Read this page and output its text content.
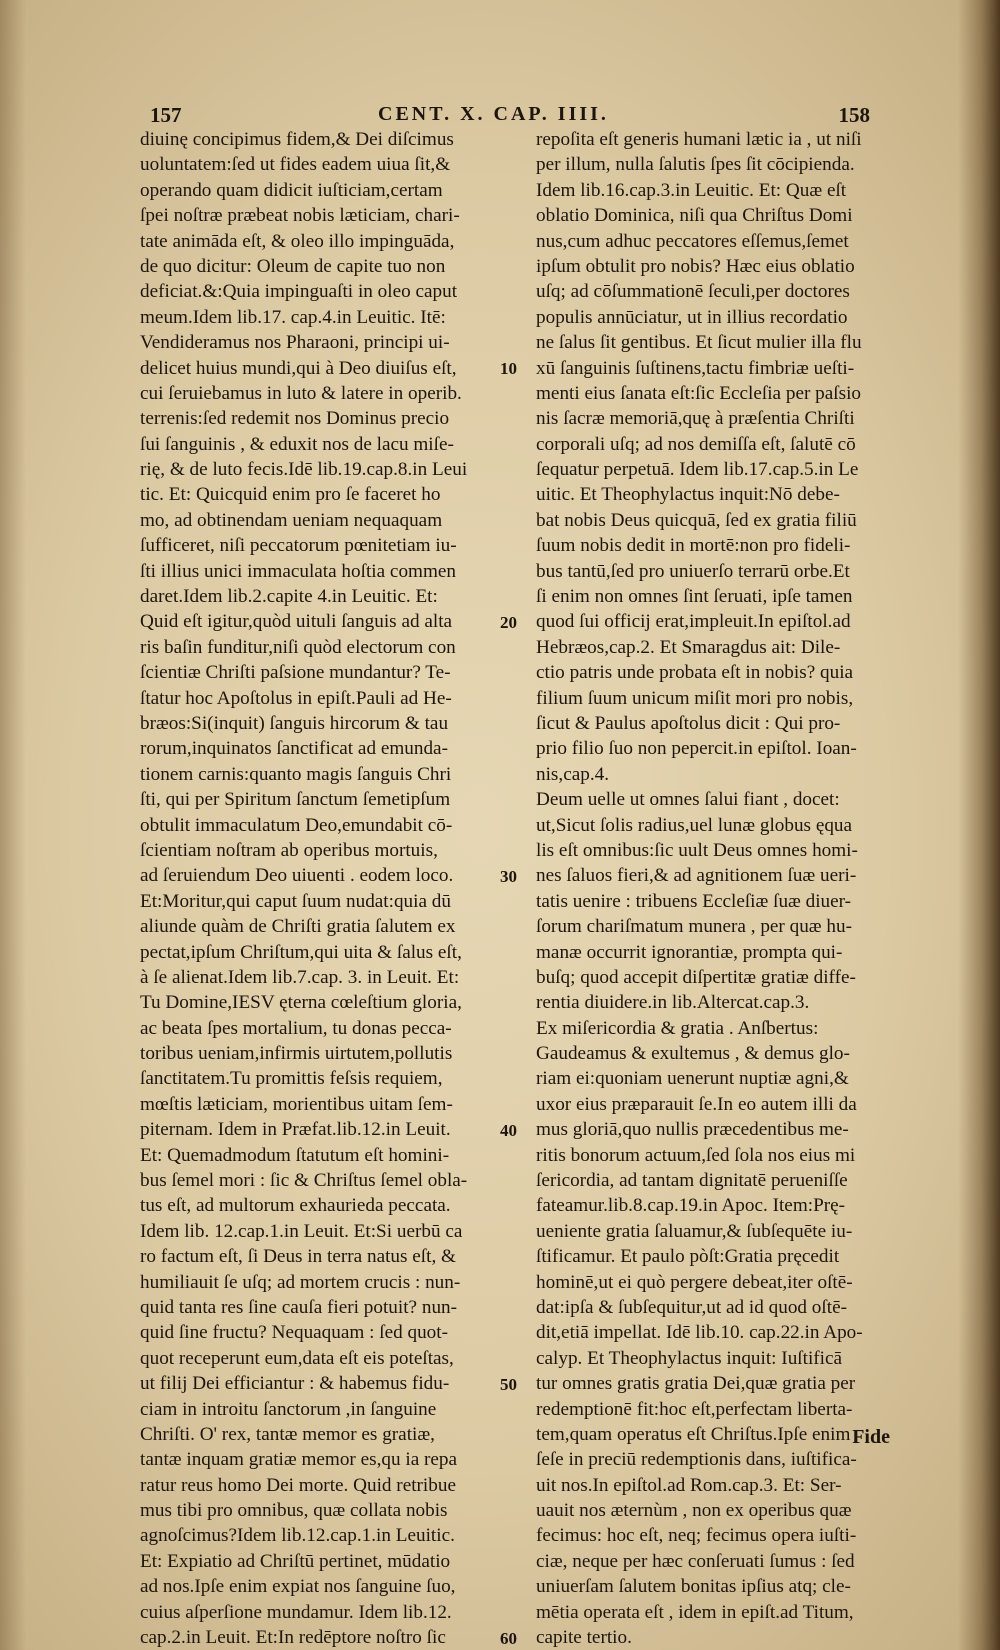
157	CENT. X. CAP. IIII.	158
diuinę concipimus fidem,& Dei diſcimus
uoluntatem:ſed ut fides eadem uiua ſit,&
operando quam didicit iuſticiam,certam
ſpei noſtræ præbeat nobis læticiam, chari-
tate animāda eſt, & oleo illo impinguāda,
de quo dicitur: Oleum de capite tuo non
deficiat.&:Quia impinguaſti in oleo caput
meum.Idem lib.17. cap.4.in Leuitic. Itē:
Vendideramus nos Pharaoni, principi ui-
delicet huius mundi,qui à Deo diuiſus eſt,
cui ſeruiebamus in luto & latere in operib.
terrenis:ſed redemit nos Dominus precio
ſui ſanguinis , & eduxit nos de lacu miſe-
rię, & de luto fecis.Idē lib.19.cap.8.in Leui
tic. Et: Quicquid enim pro ſe faceret ho
mo, ad obtinendam ueniam nequaquam
ſufficeret, niſi peccatorum pœnitetiam iu-
ſti illius unici immaculata hoſtia commen
daret.Idem lib.2.capite 4.in Leuitic. Et:
Quid eſt igitur,quòd uituli ſanguis ad alta
ris baſin funditur,niſi quòd electorum con
ſcientiæ Chriſti paſsione mundantur? Te-
ſtatur hoc Apoſtolus in epiſt.Pauli ad He-
bræos:Si(inquit) ſanguis hircorum & tau
rorum,inquinatos ſanctificat ad emunda-
tionem carnis:quanto magis ſanguis Chri
ſti, qui per Spiritum ſanctum ſemetipſum
obtulit immaculatum Deo,emundabit cō-
ſcientiam noſtram ab operibus mortuis,
ad ſeruiendum Deo uiuenti . eodem loco.
Et:Moritur,qui caput ſuum nudat:quia dū
aliunde quàm de Chriſti gratia ſalutem ex
pectat,ipſum Chriſtum,qui uita & ſalus eſt,
à ſe alienat.Idem lib.7.cap. 3. in Leuit. Et:
Tu Domine,IESV ęterna cœleſtium gloria,
ac beata ſpes mortalium, tu donas pecca-
toribus ueniam,infirmis uirtutem,pollutis
ſanctitatem.Tu promittis feſsis requiem,
mœſtis læticiam, morientibus uitam ſem-
piternam. Idem in Præfat.lib.12.in Leuit.
Et: Quemadmodum ſtatutum eſt homini-
bus ſemel mori : ſic & Chriſtus ſemel obla-
tus eſt, ad multorum exhaurieda peccata.
Idem lib. 12.cap.1.in Leuit. Et:Si uerbū ca
ro factum eſt, ſi Deus in terra natus eſt, &
humiliauit ſe uſq; ad mortem crucis : nun-
quid tanta res ſine cauſa fieri potuit? nun-
quid ſine fructu? Nequaquam : ſed quot-
quot receperunt eum,data eſt eis poteſtas,
ut filij Dei efficiantur : & habemus fidu-
ciam in introitu ſanctorum ,in ſanguine
Chriſti. O' rex, tantæ memor es gratiæ,
tantæ inquam gratiæ memor es,qu ia repa
ratur reus homo Dei morte. Quid retribue
mus tibi pro omnibus, quæ collata nobis
agnoſcimus?Idem lib.12.cap.1.in Leuitic.
Et: Expiatio ad Chriſtū pertinet, mūdatio
ad nos.Ipſe enim expiat nos ſanguine ſuo,
cuius aſperſione mundamur. Idem lib.12.
cap.2.in Leuit. Et:In redēptore noſtro ſic
10
20
30
40
50
60
repoſita eſt generis humani lætic ia , ut niſi
per illum, nulla ſalutis ſpes ſit cōcipienda.
Idem lib.16.cap.3.in Leuitic. Et: Quæ eſt
oblatio Dominica, niſi qua Chriſtus Domi
nus,cum adhuc peccatores eſſemus,ſemet
ipſum obtulit pro nobis? Hæc eius oblatio
uſq; ad cōſummationē ſeculi,per doctores
populis annūciatur, ut in illius recordatio
ne ſalus ſit gentibus. Et ſicut mulier illa flu
xū ſanguinis ſuſtinens,tactu fimbriæ ueſti-
menti eius ſanata eſt:ſic Eccleſia per paſsio
nis ſacræ memoriā,quę à præſentia Chriſti
corporali uſq; ad nos demiſſa eſt, ſalutē cō
ſequatur perpetuā. Idem lib.17.cap.5.in Le
uitic. Et Theophylactus inquit:Nō debe-
bat nobis Deus quicquā, ſed ex gratia filiū
ſuum nobis dedit in mortē:non pro fideli-
bus tantū,ſed pro uniuerſo terrarū orbe.Et
ſi enim non omnes ſint ſeruati, ipſe tamen
quod ſui officij erat,impleuit.In epiſtol.ad
Hebræos,cap.2. Et Smaragdus ait: Dile-
ctio patris unde probata eſt in nobis? quia
filium ſuum unicum miſit mori pro nobis,
ſicut & Paulus apoſtolus dicit : Qui pro-
prio filio ſuo non pepercit.in epiſtol. Ioan-
nis,cap.4.
Deum uelle ut omnes ſalui fiant , docet:
ut,Sicut ſolis radius,uel lunæ globus ęqua
lis eſt omnibus:ſic uult Deus omnes homi-
nes ſaluos fieri,& ad agnitionem ſuæ ueri-
tatis uenire : tribuens Eccleſiæ ſuæ diuer-
ſorum chariſmatum munera , per quæ hu-
manæ occurrit ignorantiæ, prompta qui-
buſq; quod accepit diſpertitæ gratiæ diffe-
rentia diuidere.in lib.Altercat.cap.3.
Ex miſericordia & gratia . Anſbertus:
Gaudeamus & exultemus , & demus glo-
riam ei:quoniam uenerunt nuptiæ agni,&
uxor eius præparauit ſe.In eo autem illi da
mus gloriā,quo nullis præcedentibus me-
ritis bonorum actuum,ſed ſola nos eius mi
ſericordia, ad tantam dignitatē perueniſſe
fateamur.lib.8.cap.19.in Apoc. Item:Prę-
ueniente gratia ſaluamur,& ſubſequēte iu-
ſtificamur. Et paulo pòſt:Gratia pręcedit
hominē,ut ei quò pergere debeat,iter oſtē-
dat:ipſa & ſubſequitur,ut ad id quod oſtē-
dit,etiā impellat. Idē lib.10. cap.22.in Apo-
calyp. Et Theophylactus inquit: Iuſtificā
tur omnes gratis gratia Dei,quæ gratia per
redemptionē fit:hoc eſt,perfectam liberta-
tem,quam operatus eſt Chriſtus.Ipſe enim
ſeſe in preciū redemptionis dans, iuſtifica-
uit nos.In epiſtol.ad Rom.cap.3. Et: Ser-
uauit nos æternùm , non ex operibus quæ
fecimus: hoc eſt, neq; fecimus opera iuſti-
ciæ, neque per hæc conſeruati ſumus : ſed
uniuerſam ſalutem bonitas ipſius atq; cle-
mētia operata eſt , idem in epiſt.ad Titum,
capite tertio.
Fide
